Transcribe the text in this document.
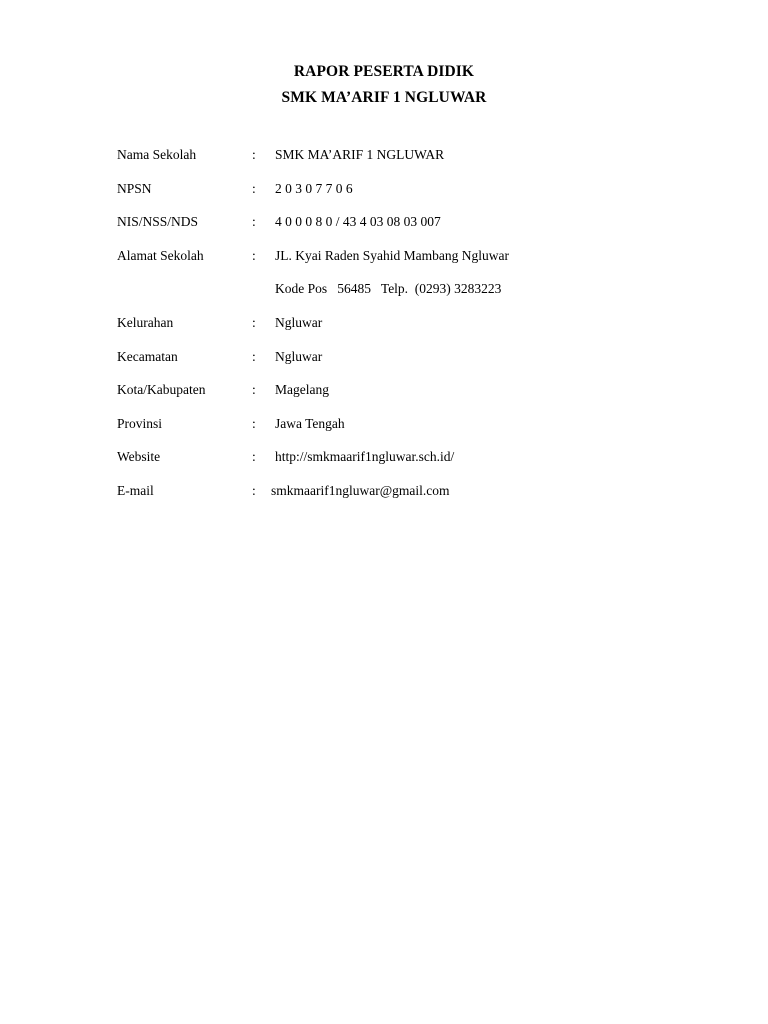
RAPOR PESERTA DIDIK
SMK MA’ARIF 1 NGLUWAR
Nama Sekolah	: SMK MA’ARIF 1 NGLUWAR
NPSN	: 2 0 3 0 7 7 0 6
NIS/NSS/NDS	: 4 0 0 0 8 0 / 43 4 03 08 03 007
Alamat Sekolah	: JL. Kyai Raden Syahid Mambang Ngluwar
Kode Pos   56485   Telp.  (0293) 3283223
Kelurahan	: Ngluwar
Kecamatan	: Ngluwar
Kota/Kabupaten	: Magelang
Provinsi	: Jawa Tengah
Website	: http://smkmaarif1ngluwar.sch.id/
E-mail	: smkmaarif1ngluwar@gmail.com
